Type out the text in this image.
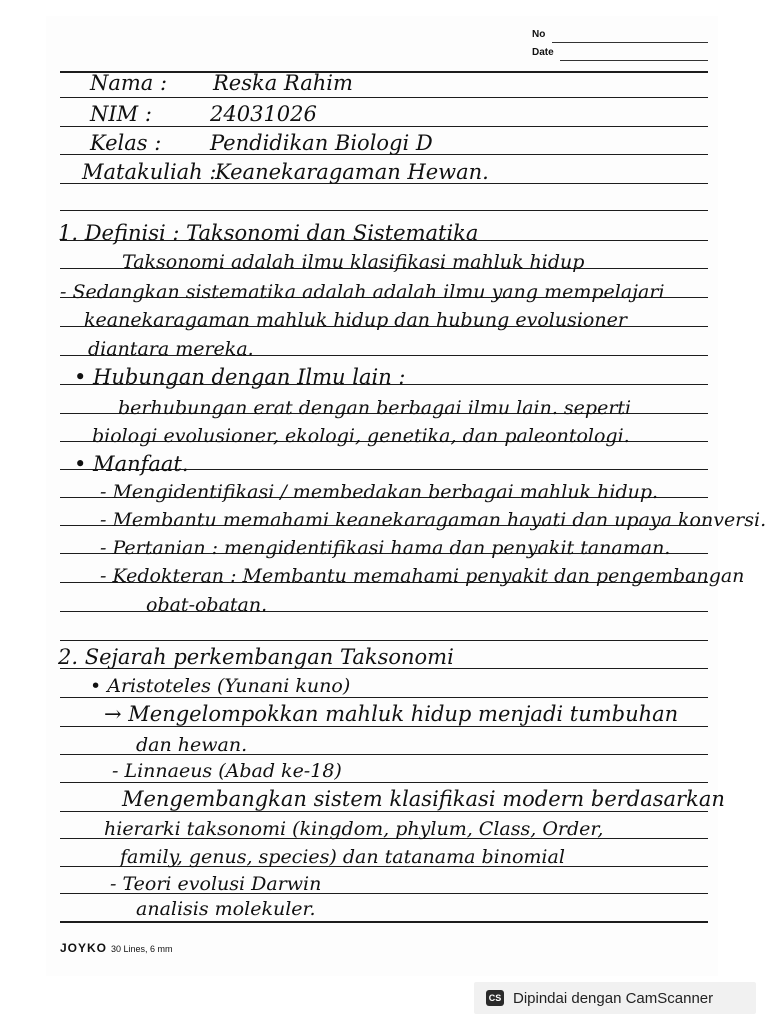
No
Date
Nama : Reska Rahim
NIM :	24031026
Kelas : Pendidikan Biologi D
Matakuliah :
Keanekaragaman Hewan.
1. Definisi : Taksonomi dan Sistematika
Taksonomi adalah ilmu klasifikasi mahluk hidup
- Sedangkan sistematika adalah adalah ilmu yang mempelajari
keanekaragaman mahluk hidup dan hubung evolusioner
diantara mereka.
• Hubungan dengan Ilmu lain :
berhubungan erat dengan berbagai ilmu lain. seperti
biologi evolusioner, ekologi, genetika, dan paleontologi.
• Manfaat.
- Mengidentifikasi / membedakan berbagai mahluk hidup.
- Membantu memahami keanekaragaman hayati dan upaya konversi.
- Pertanian : mengidentifikasi hama dan penyakit tanaman.
- Kedokteran : Membantu memahami penyakit dan pengembangan
obat-obatan.
2. Sejarah perkembangan Taksonomi
• Aristoteles (Yunani kuno)
→ Mengelompokkan mahluk hidup menjadi tumbuhan
dan hewan.
- Linnaeus (Abad ke-18)
Mengembangkan sistem klasifikasi modern berdasarkan
hierarki taksonomi (kingdom, phylum, Class, Order,
family, genus, species) dan tatanama binomial
- Teori evolusi Darwin
analisis molekuler.
JOYKO 30 Lines, 6 mm
CS Dipindai dengan CamScanner
